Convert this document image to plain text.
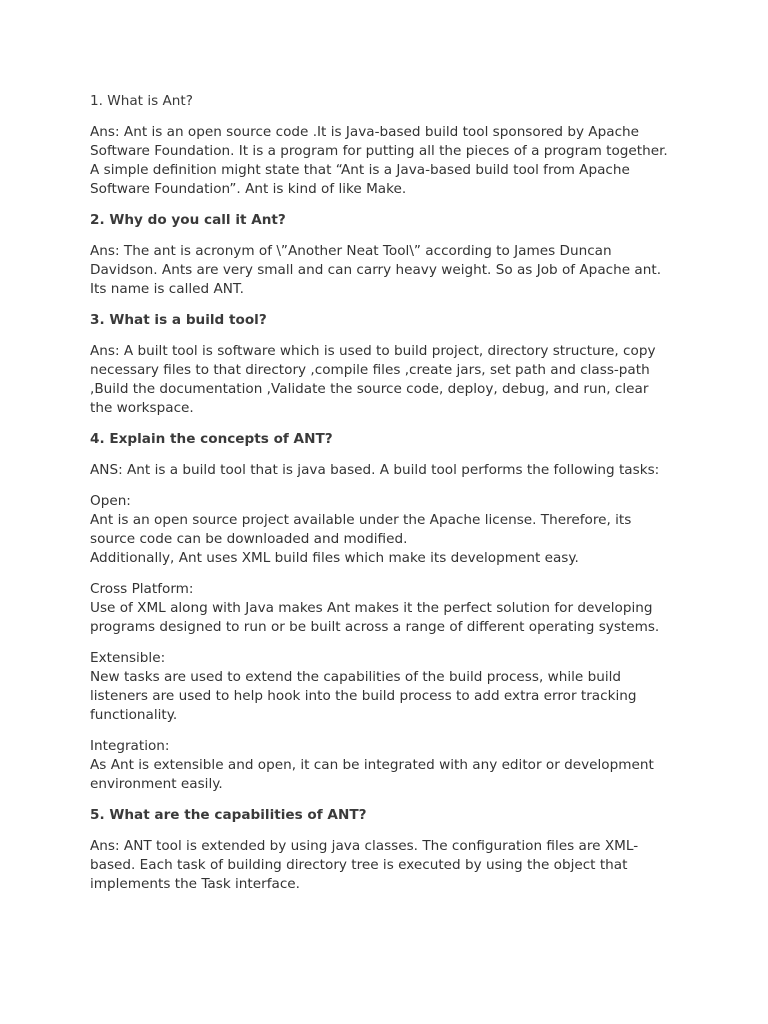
1. What is Ant?
Ans: Ant is an open source code .It is Java-based build tool sponsored by Apache
Software Foundation. It is a program for putting all the pieces of a program together.
A simple definition might state that “Ant is a Java-based build tool from Apache
Software Foundation”. Ant is kind of like Make.
2. Why do you call it Ant?
Ans: The ant is acronym of \”Another Neat Tool\” according to James Duncan
Davidson. Ants are very small and can carry heavy weight. So as Job of Apache ant.
Its name is called ANT.
3. What is a build tool?
Ans: A built tool is software which is used to build project, directory structure, copy
necessary files to that directory ,compile files ,create jars, set path and class-path
,Build the documentation ,Validate the source code, deploy, debug, and run, clear
the workspace.
4. Explain the concepts of ANT?
ANS: Ant is a build tool that is java based. A build tool performs the following tasks:
Open:
Ant is an open source project available under the Apache license. Therefore, its
source code can be downloaded and modified.
Additionally, Ant uses XML build files which make its development easy.
Cross Platform:
Use of XML along with Java makes Ant makes it the perfect solution for developing
programs designed to run or be built across a range of different operating systems.
Extensible:
New tasks are used to extend the capabilities of the build process, while build
listeners are used to help hook into the build process to add extra error tracking
functionality.
Integration:
As Ant is extensible and open, it can be integrated with any editor or development
environment easily.
5. What are the capabilities of ANT?
Ans: ANT tool is extended by using java classes. The configuration files are XML-
based. Each task of building directory tree is executed by using the object that
implements the Task interface.
